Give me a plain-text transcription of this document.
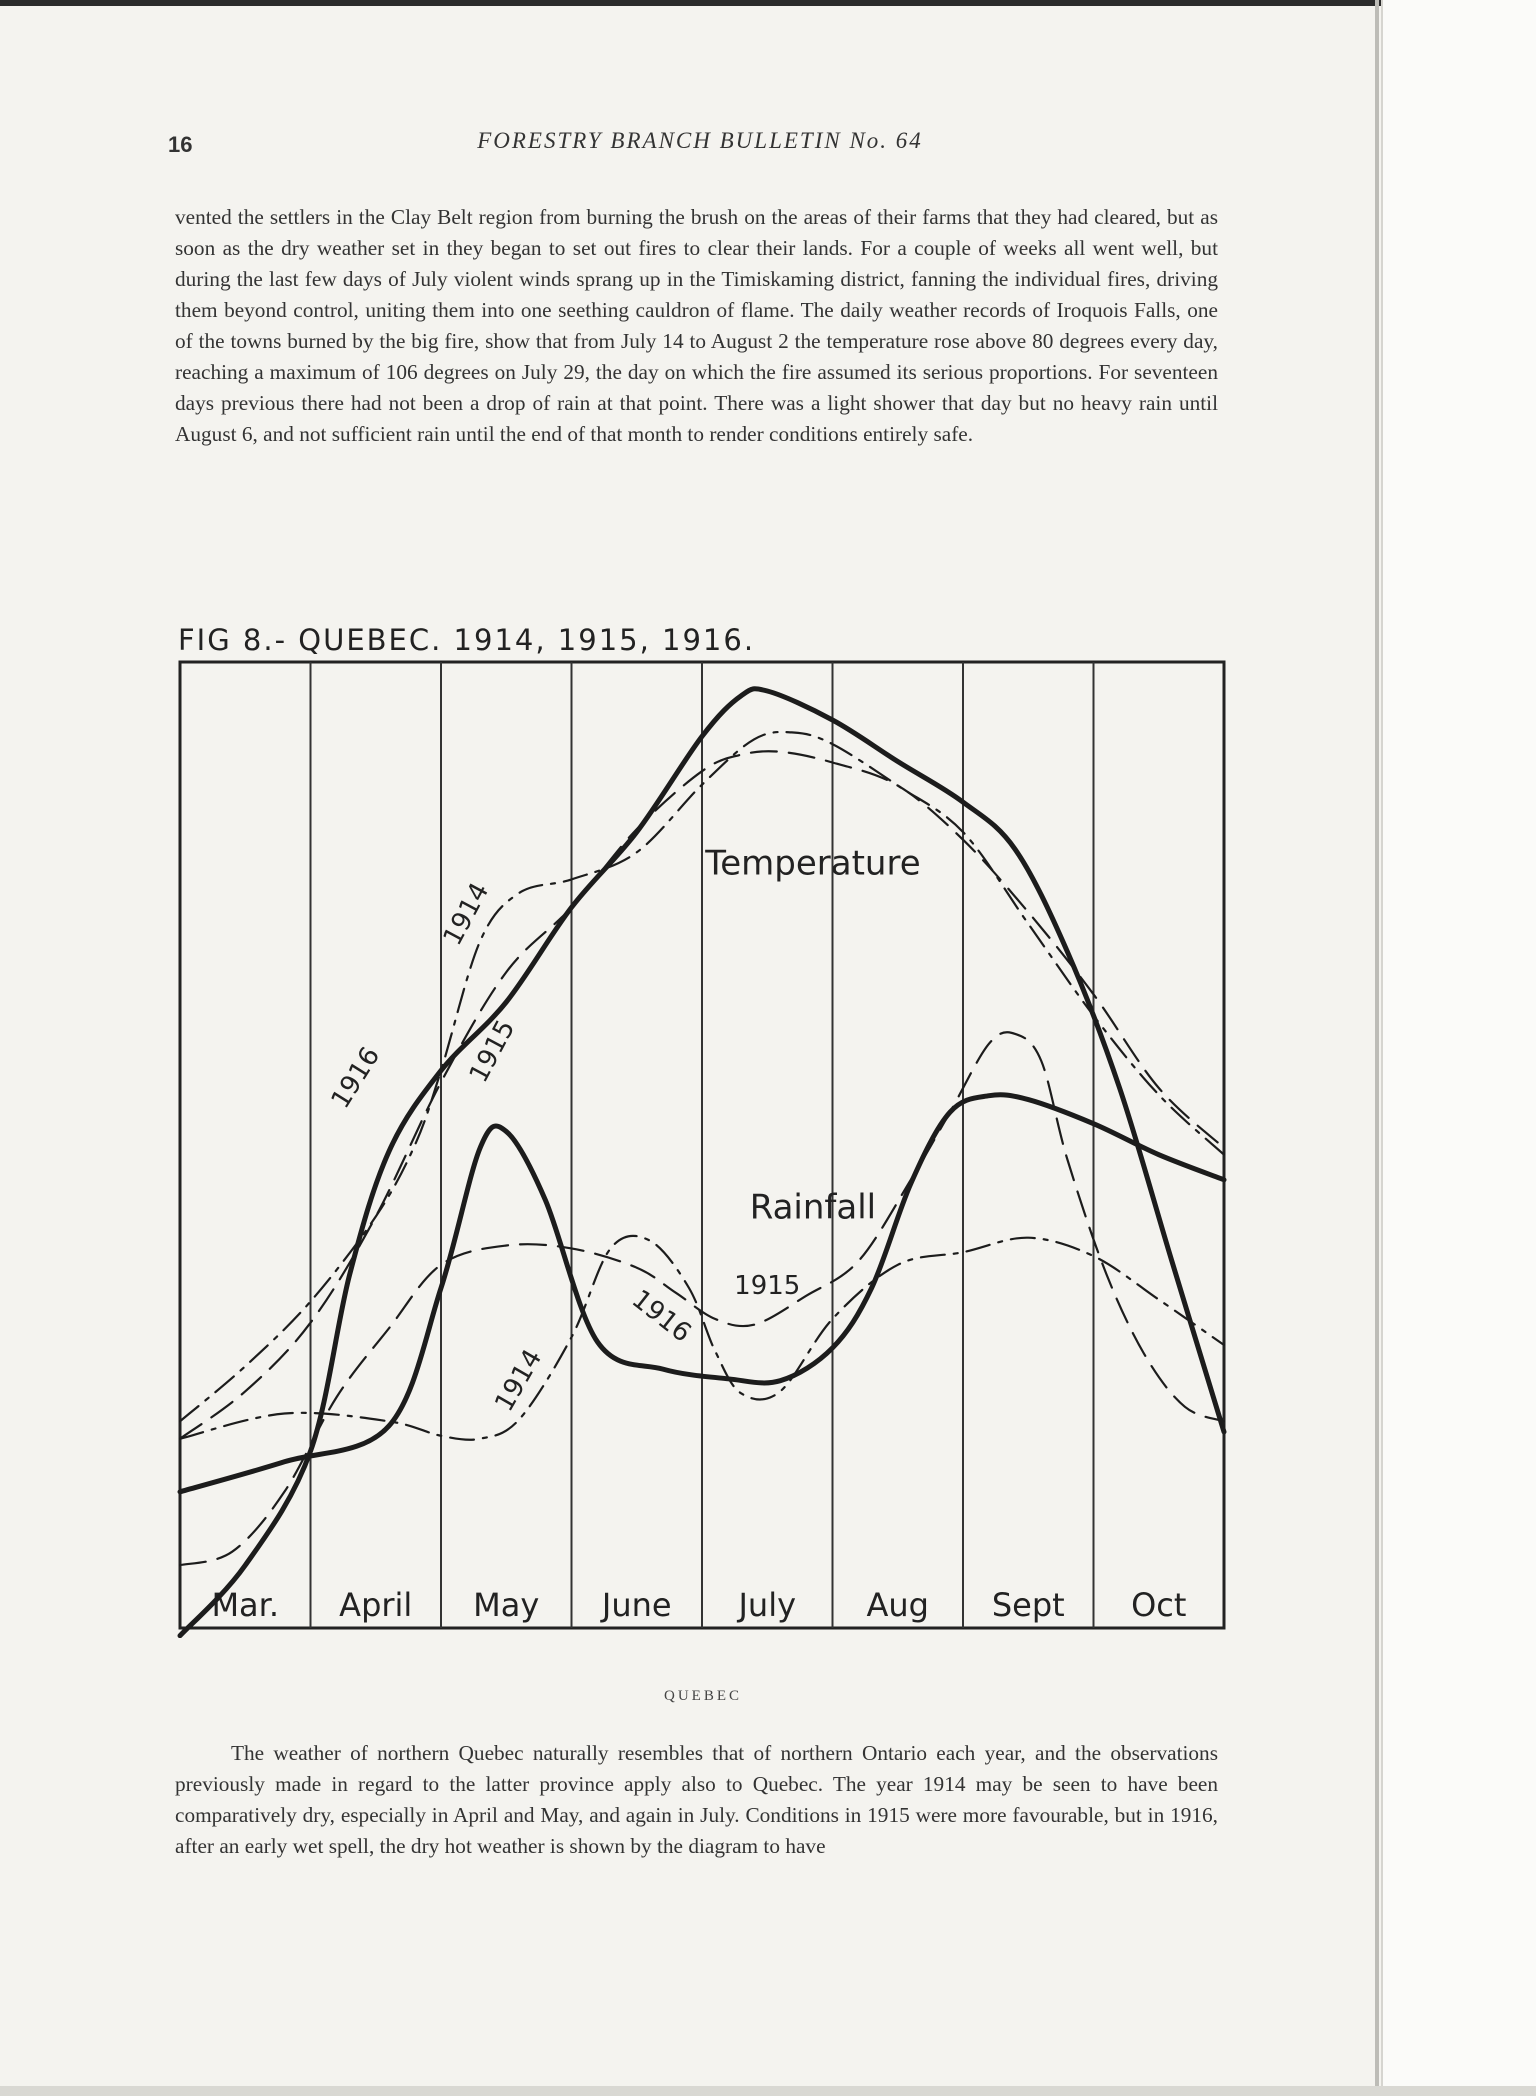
16	FORESTRY BRANCH BULLETIN No. 64
vented the settlers in the Clay Belt region from burning the brush on the areas of their farms that they had cleared, but as soon as the dry weather set in they began to set out fires to clear their lands. For a couple of weeks all went well, but during the last few days of July violent winds sprang up in the Timiskaming district, fanning the individual fires, driving them beyond control, uniting them into one seething cauldron of flame. The daily weather records of Iroquois Falls, one of the towns burned by the big fire, show that from July 14 to August 2 the temperature rose above 80 degrees every day, reaching a maximum of 106 degrees on July 29, the day on which the fire assumed its serious proportions. For seventeen days previous there had not been a drop of rain at that point. There was a light shower that day but no heavy rain until August 6, and not sufficient rain until the end of that month to render conditions entirely safe.
FIG 8.- QUEBEC. 1914, 1915, 1916.
Mar. April May June July Aug Sept Oct
Temperature
Rainfall
1914
1915
1916
1915
1916
1914
QUEBEC
The weather of northern Quebec naturally resembles that of northern Ontario each year, and the observations previously made in regard to the latter province apply also to Quebec. The year 1914 may be seen to have been comparatively dry, especially in April and May, and again in July. Conditions in 1915 were more favourable, but in 1916, after an early wet spell, the dry hot weather is shown by the diagram to have
